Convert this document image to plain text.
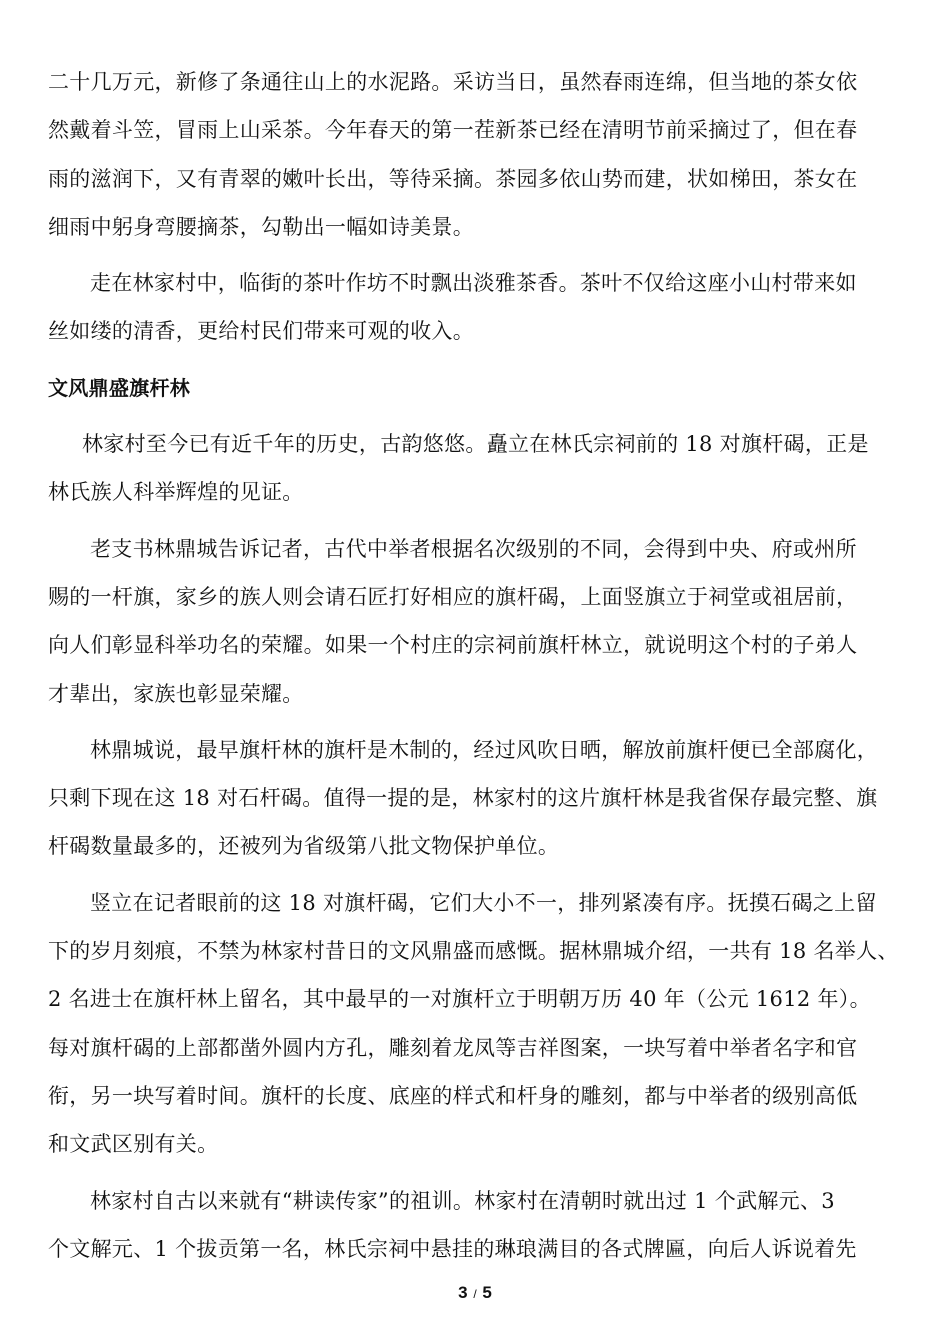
二十几万元，新修了条通往山上的水泥路。采访当日，虽然春雨连绵，但当地的茶女依
然戴着斗笠，冒雨上山采茶。今年春天的第一茬新茶已经在清明节前采摘过了，但在春
雨的滋润下，又有青翠的嫩叶长出，等待采摘。茶园多依山势而建，状如梯田，茶女在
细雨中躬身弯腰摘茶，勾勒出一幅如诗美景。
走在林家村中，临街的茶叶作坊不时飘出淡雅茶香。茶叶不仅给这座小山村带来如
丝如缕的清香，更给村民们带来可观的收入。
文风鼎盛旗杆林
林家村至今已有近千年的历史，古韵悠悠。矗立在林氏宗祠前的 18 对旗杆碣，正是
林氏族人科举辉煌的见证。
老支书林鼎城告诉记者，古代中举者根据名次级别的不同，会得到中央、府或州所
赐的一杆旗，家乡的族人则会请石匠打好相应的旗杆碣，上面竖旗立于祠堂或祖居前，
向人们彰显科举功名的荣耀。如果一个村庄的宗祠前旗杆林立，就说明这个村的子弟人
才辈出，家族也彰显荣耀。
林鼎城说，最早旗杆林的旗杆是木制的，经过风吹日晒，解放前旗杆便已全部腐化，
只剩下现在这 18 对石杆碣。值得一提的是，林家村的这片旗杆林是我省保存最完整、旗
杆碣数量最多的，还被列为省级第八批文物保护单位。
竖立在记者眼前的这 18 对旗杆碣，它们大小不一，排列紧凑有序。抚摸石碣之上留
下的岁月刻痕，不禁为林家村昔日的文风鼎盛而感慨。据林鼎城介绍，一共有 18 名举人、
2 名进士在旗杆林上留名，其中最早的一对旗杆立于明朝万历 40 年（公元 1612 年）。
每对旗杆碣的上部都凿外圆内方孔，雕刻着龙凤等吉祥图案，一块写着中举者名字和官
衔，另一块写着时间。旗杆的长度、底座的样式和杆身的雕刻，都与中举者的级别高低
和文武区别有关。
林家村自古以来就有“耕读传家”的祖训。林家村在清朝时就出过 1 个武解元、3
个文解元、1 个拔贡第一名，林氏宗祠中悬挂的琳琅满目的各式牌匾，向后人诉说着先
3 / 5
